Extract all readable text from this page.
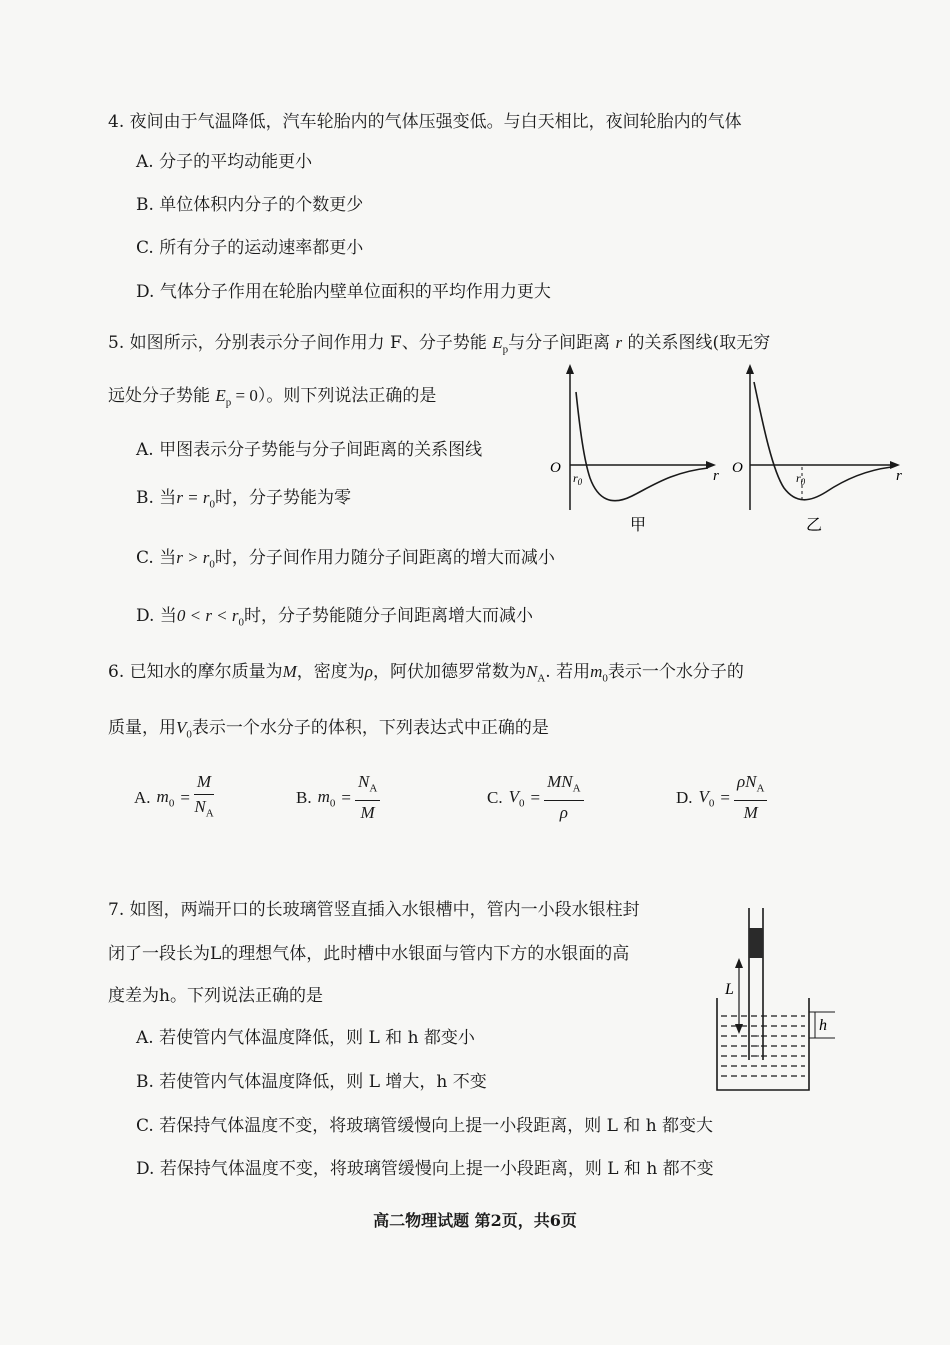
4. 夜间由于气温降低，汽车轮胎内的气体压强变低。与白天相比，夜间轮胎内的气体
A. 分子的平均动能更小
B. 单位体积内分子的个数更少
C. 所有分子的运动速率都更小
D. 气体分子作用在轮胎内壁单位面积的平均作用力更大
5. 如图所示，分别表示分子间作用力 F、分子势能 $E_p$与分子间距离 r 的关系图线(取无穷
远处分子势能 $E_p = 0$）。则下列说法正确的是
A. 甲图表示分子势能与分子间距离的关系图线
B. 当$r = r_0$时，分子势能为零
C. 当$r > r_0$时，分子间作用力随分子间距离的增大而减小
D. 当$0 < r < r_0$时，分子势能随分子间距离增大而减小
O	r
$r_0$
甲
O	r
$r_0$
乙
6. 已知水的摩尔质量为M，密度为ρ，阿伏加德罗常数为$N_A$. 若用$m_0$表示一个水分子的
质量，用$V_0$表示一个水分子的体积，下列表达式中正确的是
A. $m_0 = \frac{M}{N_A}$	B. $m_0 = \frac{N_A}{M}$	C. $V_0 = \frac{MN_A}{\rho}$	D. $V_0 = \frac{\rho N_A}{M}$
7. 如图，两端开口的长玻璃管竖直插入水银槽中，管内一小段水银柱封
闭了一段长为L的理想气体，此时槽中水银面与管内下方的水银面的高
度差为h。下列说法正确的是
A. 若使管内气体温度降低，则 L 和 h 都变小
B. 若使管内气体温度降低，则 L 增大，h 不变
C. 若保持气体温度不变，将玻璃管缓慢向上提一小段距离，则 L 和 h 都变大
D. 若保持气体温度不变，将玻璃管缓慢向上提一小段距离，则 L 和 h 都不变
L
h
高二物理试题 第2页，共6页
